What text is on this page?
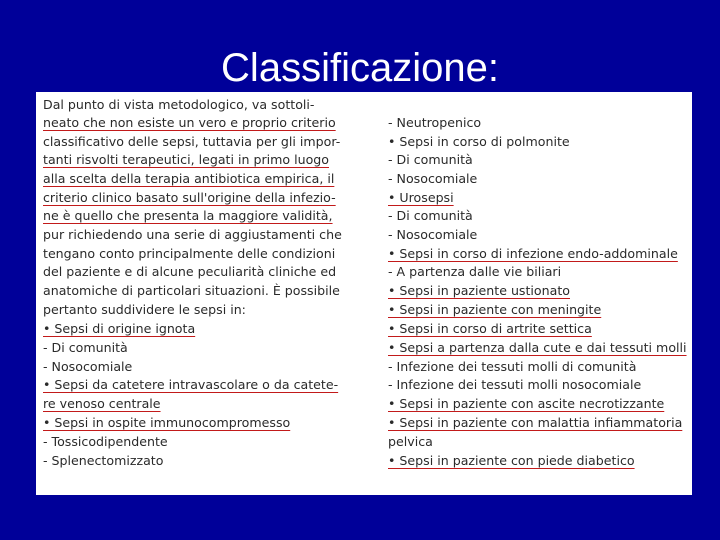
Classificazione:
Dal punto di vista metodologico, va sottoli-
neato che non esiste un vero e proprio criterio
classificativo delle sepsi, tuttavia per gli impor-
tanti risvolti terapeutici, legati in primo luogo
alla scelta della terapia antibiotica empirica, il
criterio clinico basato sull'origine della infezio-
ne è quello che presenta la maggiore validità,
pur richiedendo una serie di aggiustamenti che
tengano conto principalmente delle condizioni
del paziente e di alcune peculiarità cliniche ed
anatomiche di particolari situazioni. È possibile
pertanto suddividere le sepsi in:
• Sepsi di origine ignota
- Di comunità
- Nosocomiale
• Sepsi da catetere intravascolare o da catete-
re venoso centrale
• Sepsi in ospite immunocompromesso
- Tossicodipendente
- Splenectomizzato
- Neutropenico
• Sepsi in corso di polmonite
- Di comunità
- Nosocomiale
• Urosepsi
- Di comunità
- Nosocomiale
• Sepsi in corso di infezione endo-addominale
- A partenza dalle vie biliari
• Sepsi in paziente ustionato
• Sepsi in paziente con meningite
• Sepsi in corso di artrite settica
• Sepsi a partenza dalla cute e dai tessuti molli
- Infezione dei tessuti molli di comunità
- Infezione dei tessuti molli nosocomiale
• Sepsi in paziente con ascite necrotizzante
• Sepsi in paziente con malattia infiammatoria
pelvica
• Sepsi in paziente con piede diabetico
